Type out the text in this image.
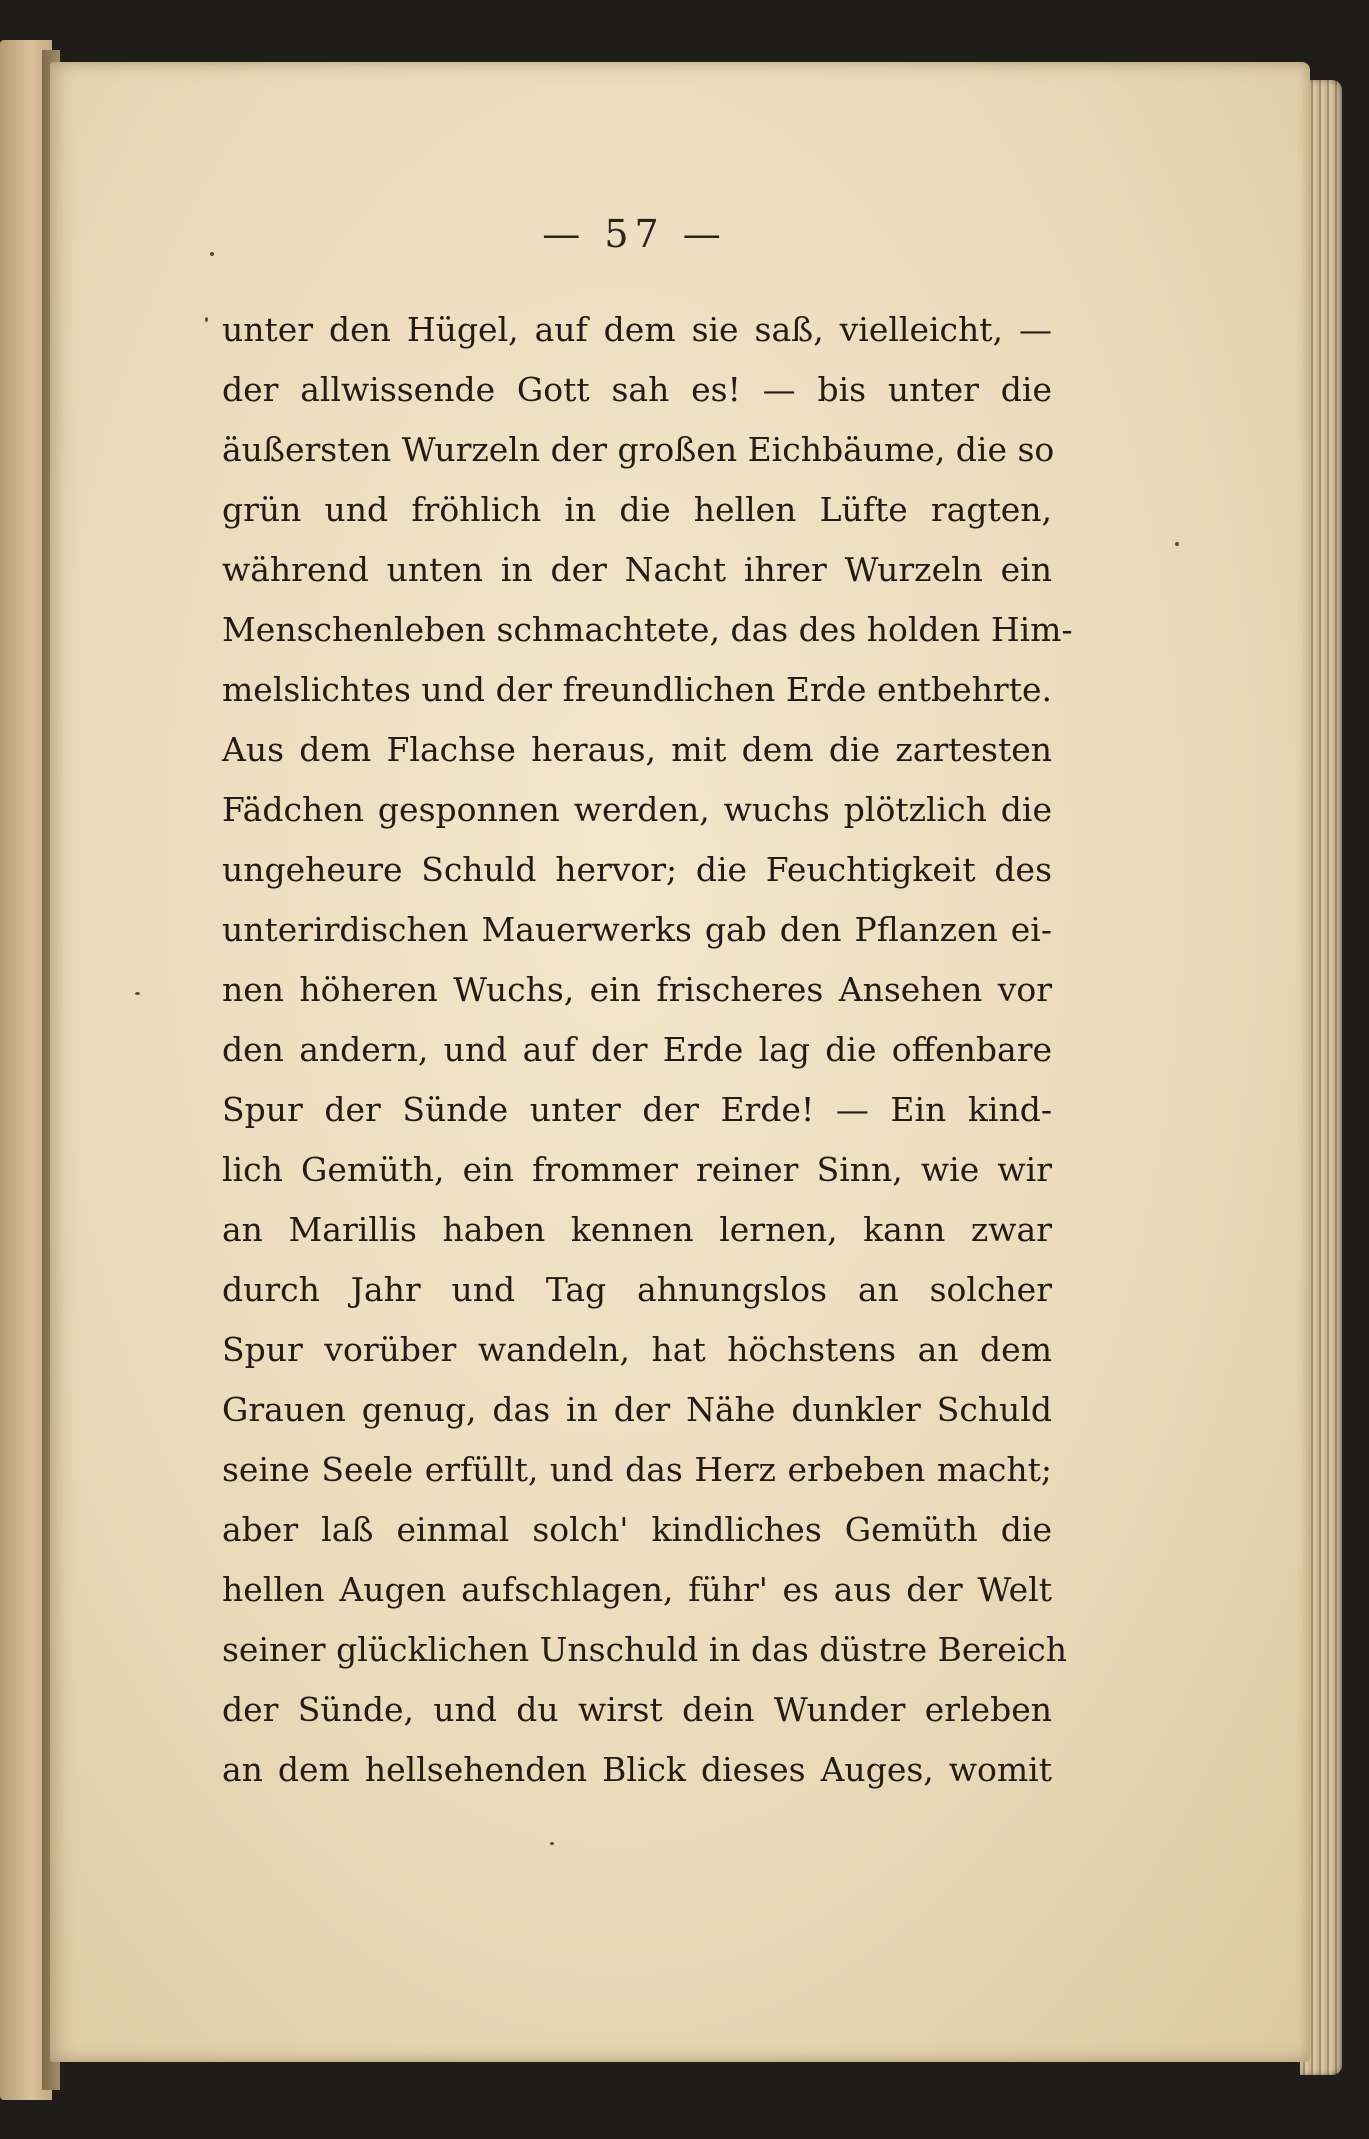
— 57 —
unter den Hügel, auf dem sie saß, vielleicht, —
der allwissende Gott sah es! — bis unter die
äußersten Wurzeln der großen Eichbäume, die so
grün und fröhlich in die hellen Lüfte ragten,
während unten in der Nacht ihrer Wurzeln ein
Menschenleben schmachtete, das des holden Him-
melslichtes und der freundlichen Erde entbehrte.
Aus dem Flachse heraus, mit dem die zartesten
Fädchen gesponnen werden, wuchs plötzlich die
ungeheure Schuld hervor; die Feuchtigkeit des
unterirdischen Mauerwerks gab den Pflanzen ei-
nen höheren Wuchs, ein frischeres Ansehen vor
den andern, und auf der Erde lag die offenbare
Spur der Sünde unter der Erde! — Ein kind-
lich Gemüth, ein frommer reiner Sinn, wie wir
an Marillis haben kennen lernen, kann zwar
durch Jahr und Tag ahnungslos an solcher
Spur vorüber wandeln, hat höchstens an dem
Grauen genug, das in der Nähe dunkler Schuld
seine Seele erfüllt, und das Herz erbeben macht;
aber laß einmal solch' kindliches Gemüth die
hellen Augen aufschlagen, führ' es aus der Welt
seiner glücklichen Unschuld in das düstre Bereich
der Sünde, und du wirst dein Wunder erleben
an dem hellsehenden Blick dieses Auges, womit
